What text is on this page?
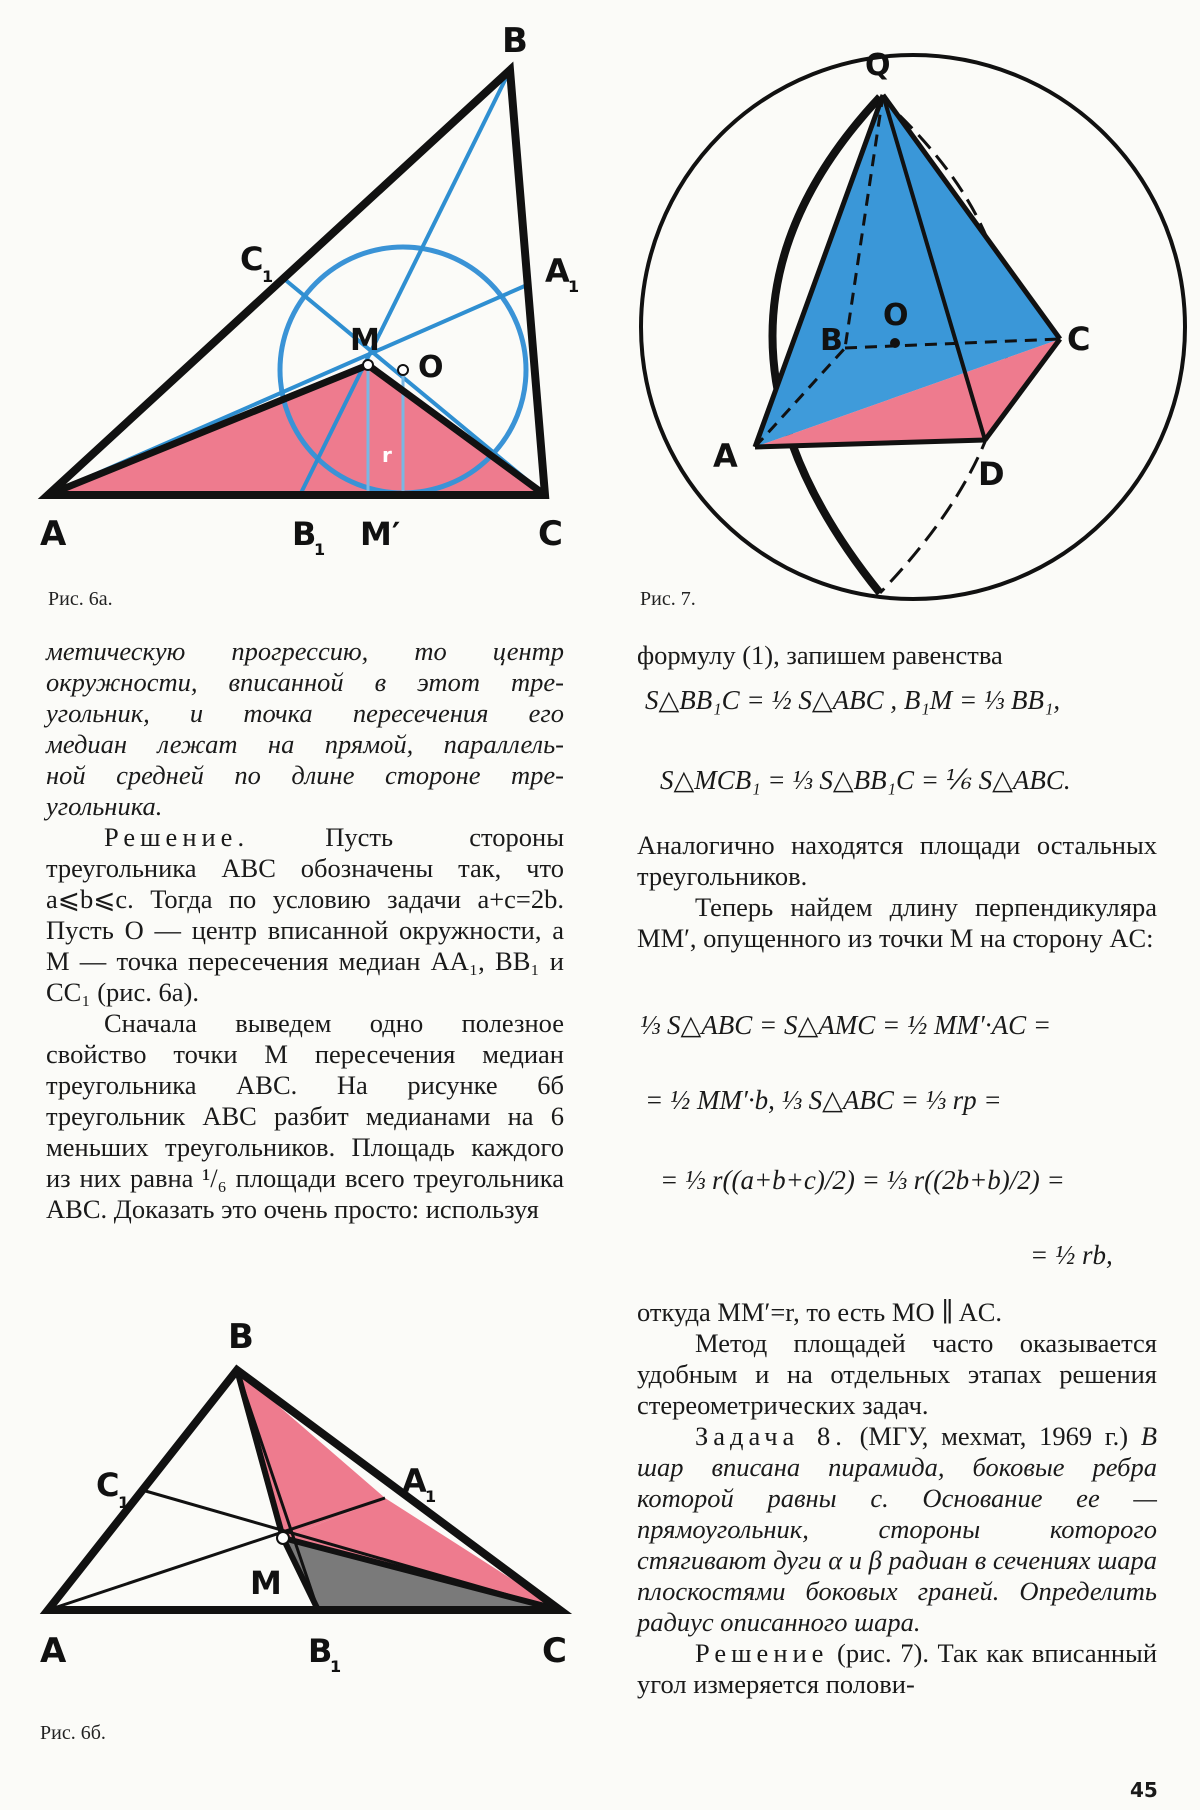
A
B
C
A
1
B
1
C
1
M
M′
O
r
Рис. 6а.
Q
O
B	C
A	D
Рис. 7.

метическую прогрессию, то центр

окружности, вписанной в этот тре-

угольник, и точка пересечения его

медиан лежат на прямой, параллель-

ной средней по длине стороне тре-

угольника.

Решение.	Пусть стороны треугольника ABC обозначены так, что a⩽b⩽c. Тогда по условию задачи a+c=2b. Пусть O — центр вписанной окружности, а M — точка пересечения медиан AA₁, BB₁ и CC₁ (рис. 6а).

Сначала выведем одно полезное свойство точки M пересечения медиан треугольника ABC. На рисунке 6б треугольник ABC разбит медианами на 6 меньших треугольников. Площадь каждого из них равна ¹/₆ площади всего треугольника ABC. Доказать это очень просто: используя

B
A	C
A
1
B
1
C
1
M
Рис. 6б.

формулу (1), запишем равенства

S△BB₁C = ½ S△ABC , B₁M = ⅓ BB₁,
S△MCB₁ = ⅓ S△BB₁C = ⅙ S△ABC.

Аналогично находятся площади остальных треугольников.

Теперь найдем длину перпендикуляра MM′, опущенного из точки M на сторону AC:

⅓ S△ABC = S△AMC = ½ MM′·AC =
= ½ MM′·b, ⅓ S△ABC = ⅓ rp =
= ⅓ r((a+b+c)/2) = ⅓ r((2b+b)/2) =
= ½ rb,

откуда MM′=r, то есть MO ∥ AC.

Метод площадей часто оказывается удобным и на отдельных этапах решения стереометрических задач.

Задача 8. (МГУ, мехмат, 1969 г.) В шар вписана пирамида, боковые ребра которой равны c. Основание ее — прямоугольник, стороны которого стягивают дуги α и β радиан в сечениях шара плоскостями боковых граней. Определить радиус описанного шара.

Решение (рис. 7). Так как вписанный угол измеряется полови-

45
